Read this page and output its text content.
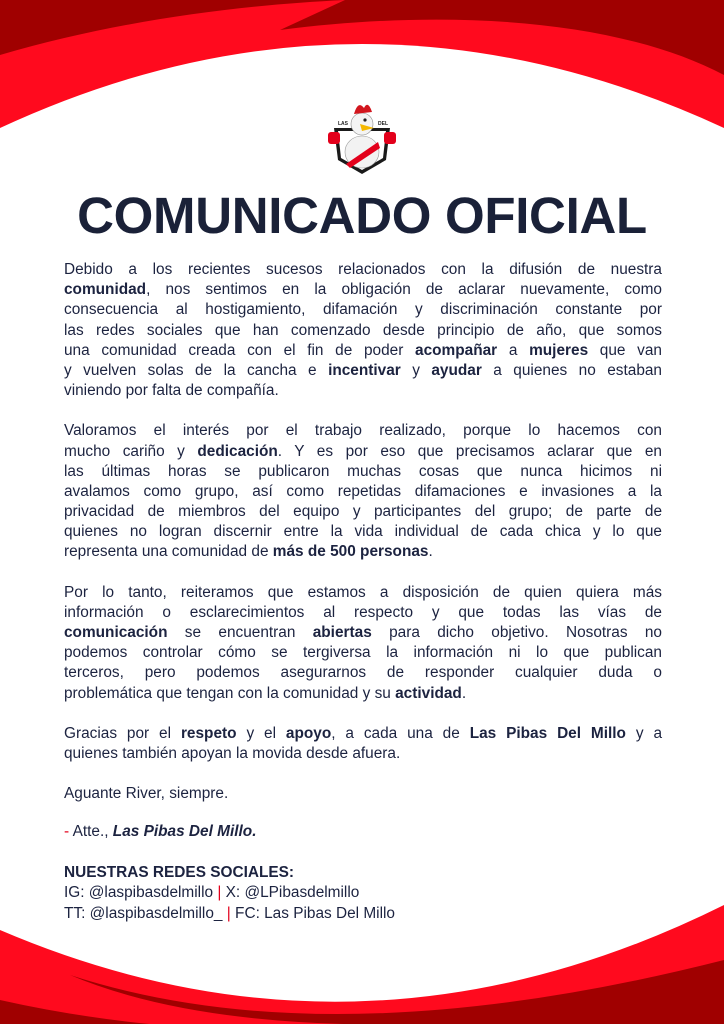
LAS	DEL
COMUNICADO OFICIAL
Debido a los recientes sucesos relacionados con la difusión de nuestra
comunidad, nos sentimos en la obligación de aclarar nuevamente, como
consecuencia al hostigamiento, difamación y discriminación constante por
las redes sociales que han comenzado desde principio de año, que somos
una comunidad creada con el fin de poder acompañar a mujeres que van
y vuelven solas de la cancha e incentivar y ayudar a quienes no estaban
viniendo por falta de compañía.
Valoramos el interés por el trabajo realizado, porque lo hacemos con
mucho cariño y dedicación. Y es por eso que precisamos aclarar que en
las últimas horas se publicaron muchas cosas que nunca hicimos ni
avalamos como grupo, así como repetidas difamaciones e invasiones a la
privacidad de miembros del equipo y participantes del grupo; de parte de
quienes no logran discernir entre la vida individual de cada chica y lo que
representa una comunidad de más de 500 personas.
Por lo tanto, reiteramos que estamos a disposición de quien quiera más
información o esclarecimientos al respecto y que todas las vías de
comunicación se encuentran abiertas para dicho objetivo. Nosotras no
podemos controlar cómo se tergiversa la información ni lo que publican
terceros, pero podemos asegurarnos de responder cualquier duda o
problemática que tengan con la comunidad y su actividad.
Gracias por el respeto y el apoyo, a cada una de Las Pibas Del Millo y a
quienes también apoyan la movida desde afuera.
Aguante River, siempre.
- Atte., Las Pibas Del Millo.
NUESTRAS REDES SOCIALES:
IG: @laspibasdelmillo | X: @LPibasdelmillo
TT: @laspibasdelmillo_ | FC: Las Pibas Del Millo
